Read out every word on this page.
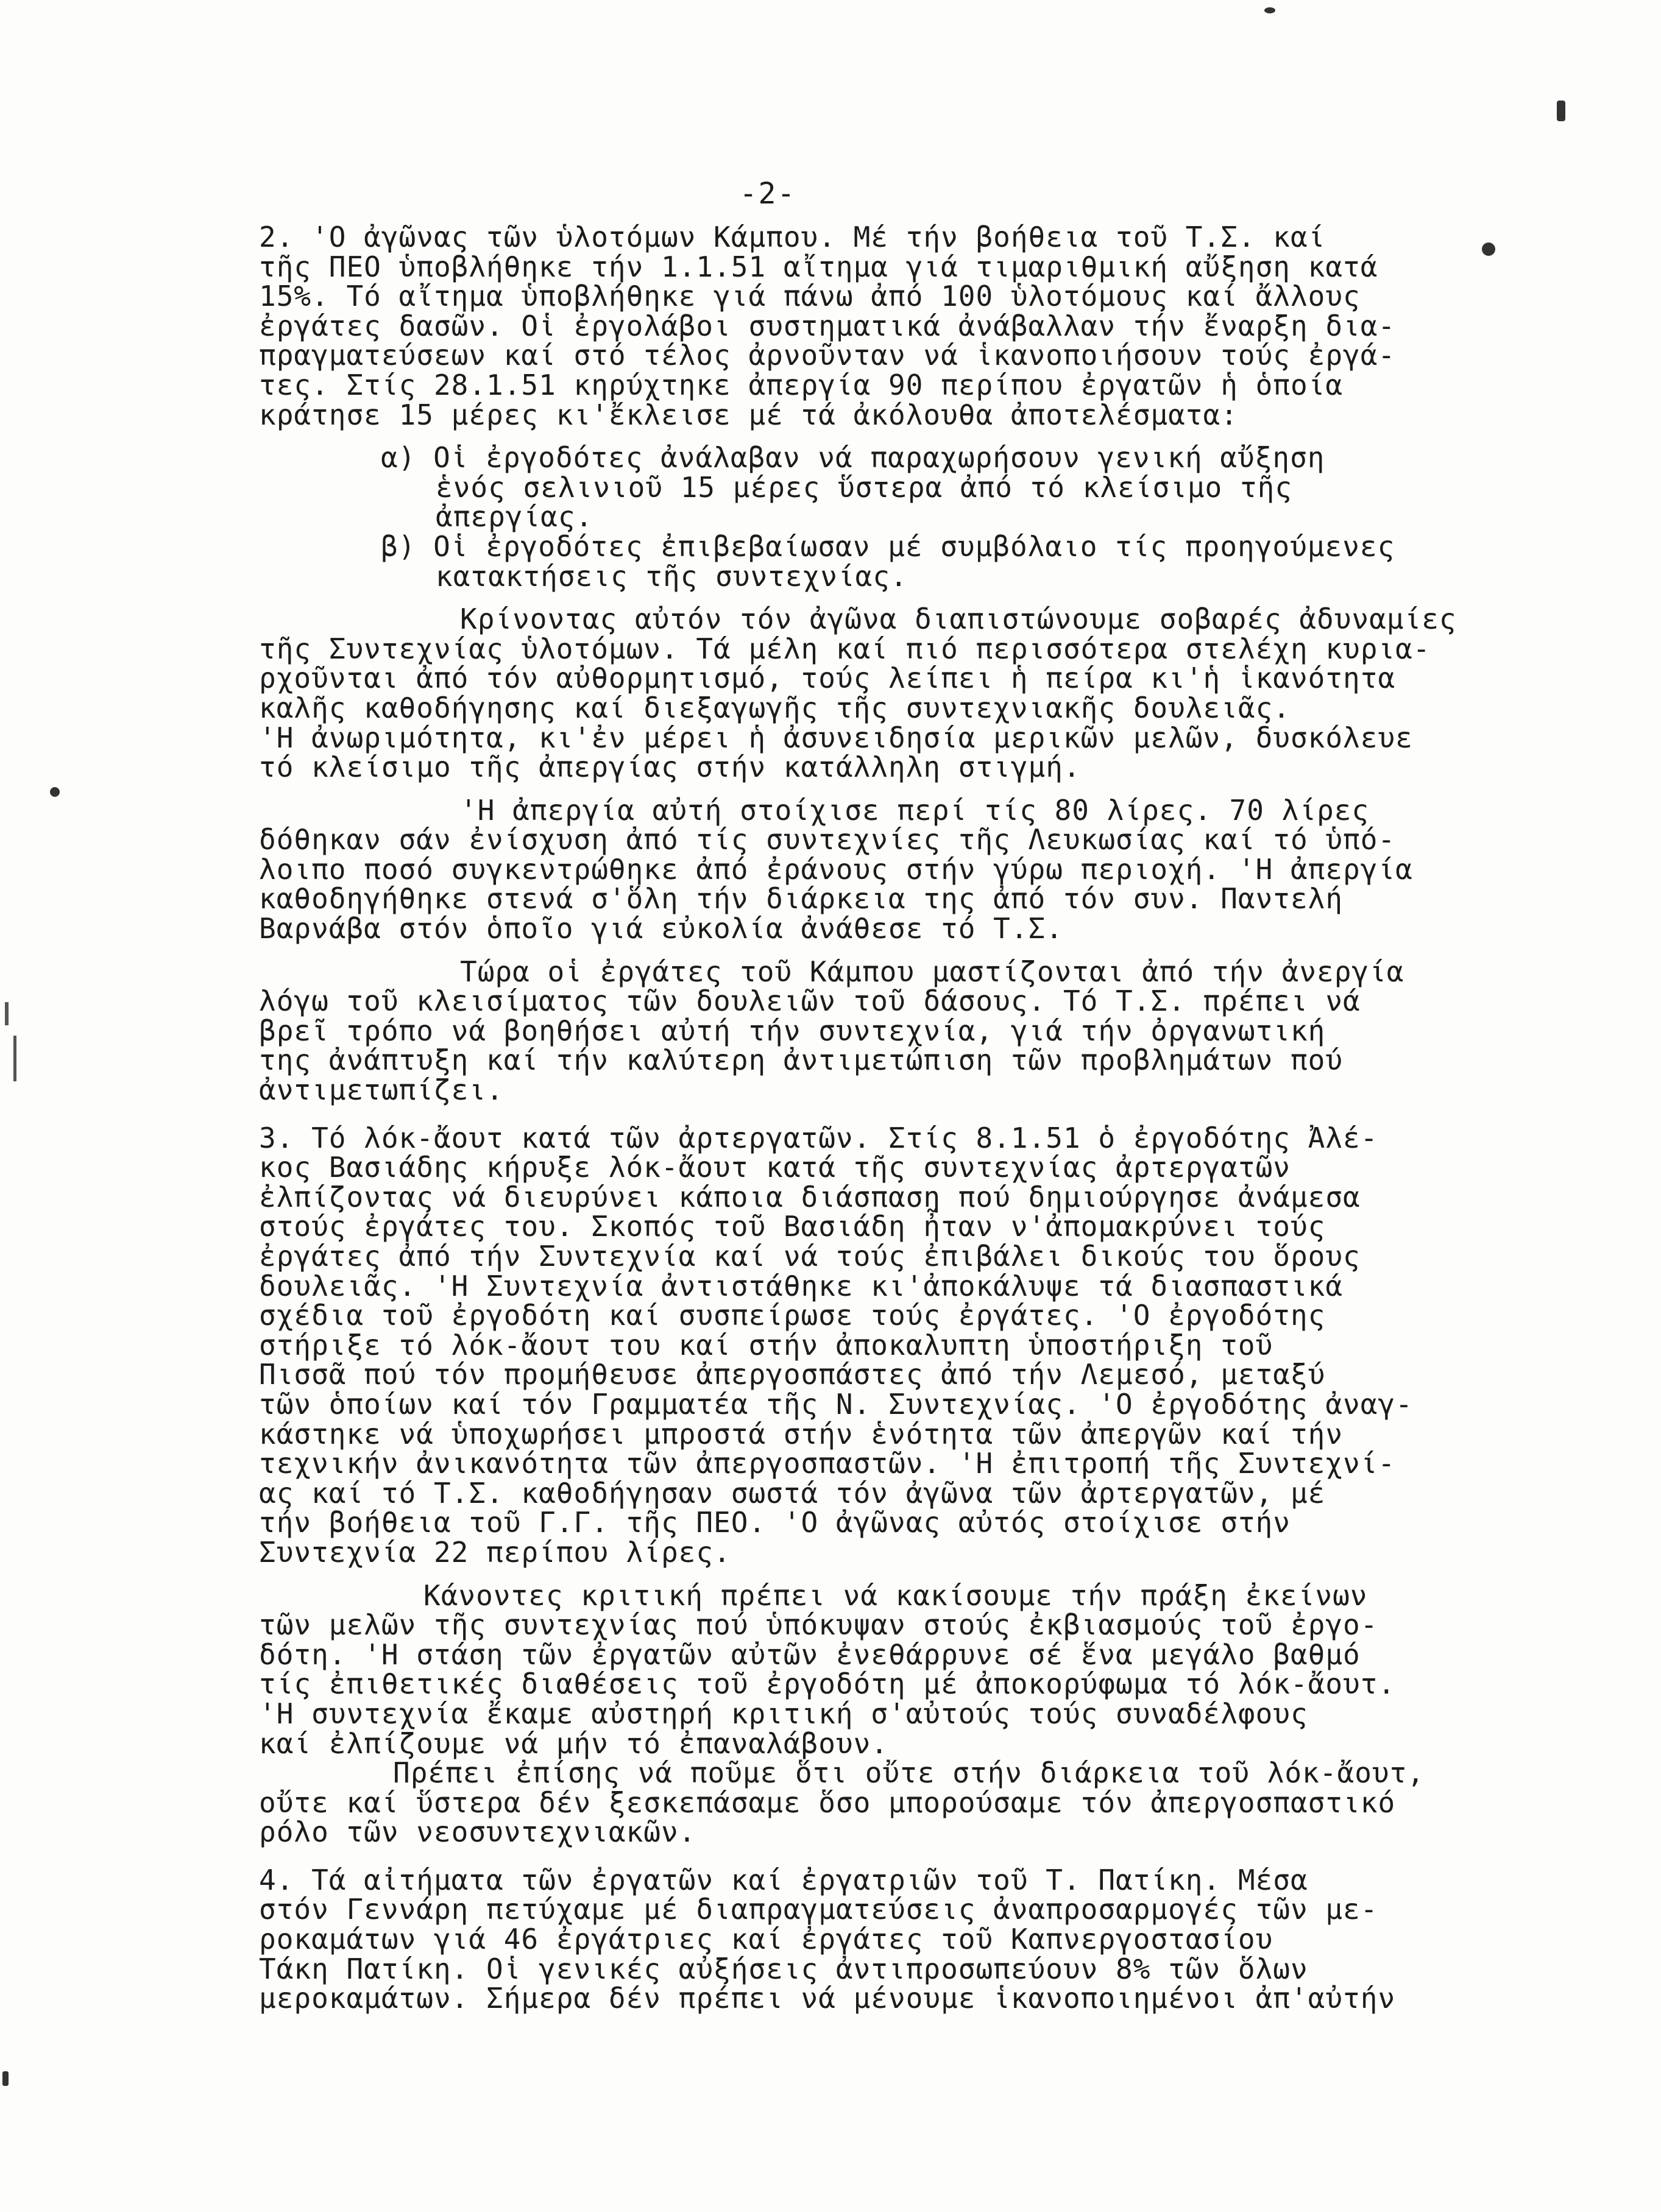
-2-
2. 'Ο ἀγῶνας τῶν ὑλοτόμων Κάμπου. Μέ τήν βοήθεια τοῦ Τ.Σ. καί
τῆς ΠΕΟ ὑποβλήθηκε τήν 1.1.51 αἴτημα γιά τιμαριθμική αὔξηση κατά
15%. Τό αἴτημα ὑποβλήθηκε γιά πάνω ἀπό 100 ὑλοτόμους καί ἄλλους
ἐργάτες δασῶν. Οἱ ἐργολάβοι συστηματικά ἀνάβαλλαν τήν ἔναρξη δια-
πραγματεύσεων καί στό τέλος ἀρνοῦνταν νά ἱκανοποιήσουν τούς ἐργά-
τες. Στίς 28.1.51 κηρύχτηκε ἀπεργία 90 περίπου ἐργατῶν ἡ ὁποία
κράτησε 15 μέρες κι'ἔκλεισε μέ τά ἀκόλουθα ἀποτελέσματα:
α) Οἱ ἐργοδότες ἀνάλαβαν νά παραχωρήσουν γενική αὔξηση
ἑνός σελινιοῦ 15 μέρες ὕστερα ἀπό τό κλείσιμο τῆς
ἀπεργίας.
β) Οἱ ἐργοδότες ἐπιβεβαίωσαν μέ συμβόλαιο τίς προηγούμενες
κατακτήσεις τῆς συντεχνίας.
Κρίνοντας αὐτόν τόν ἀγῶνα διαπιστώνουμε σοβαρές ἀδυναμίες
τῆς Συντεχνίας ὑλοτόμων. Τά μέλη καί πιό περισσότερα στελέχη κυρια-
ρχοῦνται ἀπό τόν αὐθορμητισμό, τούς λείπει ἡ πείρα κι'ἡ ἱκανότητα
καλῆς καθοδήγησης καί διεξαγωγῆς τῆς συντεχνιακῆς δουλειᾶς.
'Η ἀνωριμότητα, κι'ἐν μέρει ἡ ἀσυνειδησία μερικῶν μελῶν, δυσκόλευε
τό κλείσιμο τῆς ἀπεργίας στήν κατάλληλη στιγμή.
'Η ἀπεργία αὐτή στοίχισε περί τίς 80 λίρες. 70 λίρες
δόθηκαν σάν ἐνίσχυση ἀπό τίς συντεχνίες τῆς Λευκωσίας καί τό ὑπό-
λοιπο ποσό συγκεντρώθηκε ἀπό ἐράνους στήν γύρω περιοχή. 'Η ἀπεργία
καθοδηγήθηκε στενά σ'ὅλη τήν διάρκεια της ἀπό τόν συν. Παντελή
Βαρνάβα στόν ὁποῖο γιά εὐκολία ἀνάθεσε τό Τ.Σ.
Τώρα οἱ ἐργάτες τοῦ Κάμπου μαστίζονται ἀπό τήν ἀνεργία
λόγω τοῦ κλεισίματος τῶν δουλειῶν τοῦ δάσους. Τό Τ.Σ. πρέπει νά
βρεῖ τρόπο νά βοηθήσει αὐτή τήν συντεχνία, γιά τήν ὀργανωτική
της ἀνάπτυξη καί τήν καλύτερη ἀντιμετώπιση τῶν προβλημάτων πού
ἀντιμετωπίζει.
3. Τό λόκ-ἄουτ κατά τῶν ἀρτεργατῶν. Στίς 8.1.51 ὁ ἐργοδότης Ἀλέ-
κος Βασιάδης κήρυξε λόκ-ἄουτ κατά τῆς συντεχνίας ἀρτεργατῶν
ἐλπίζοντας νά διευρύνει κάποια διάσπαση πού δημιούργησε ἀνάμεσα
στούς ἐργάτες του. Σκοπός τοῦ Βασιάδη ἦταν ν'ἀπομακρύνει τούς
ἐργάτες ἀπό τήν Συντεχνία καί νά τούς ἐπιβάλει δικούς του ὅρους
δουλειᾶς. 'Η Συντεχνία ἀντιστάθηκε κι'ἀποκάλυψε τά διασπαστικά
σχέδια τοῦ ἐργοδότη καί συσπείρωσε τούς ἐργάτες. 'Ο ἐργοδότης
στήριξε τό λόκ-ἄουτ του καί στήν ἀποκαλυπτη ὑποστήριξη τοῦ
Πισσᾶ πού τόν προμήθευσε ἀπεργοσπάστες ἀπό τήν Λεμεσό, μεταξύ
τῶν ὁποίων καί τόν Γραμματέα τῆς Ν. Συντεχνίας. 'Ο ἐργοδότης ἀναγ-
κάστηκε νά ὑποχωρήσει μπροστά στήν ἑνότητα τῶν ἀπεργῶν καί τήν
τεχνικήν ἀνικανότητα τῶν ἀπεργοσπαστῶν. 'Η ἐπιτροπή τῆς Συντεχνί-
ας καί τό Τ.Σ. καθοδήγησαν σωστά τόν ἀγῶνα τῶν ἀρτεργατῶν, μέ
τήν βοήθεια τοῦ Γ.Γ. τῆς ΠΕΟ. 'Ο ἀγῶνας αὐτός στοίχισε στήν
Συντεχνία 22 περίπου λίρες.
Κάνοντες κριτική πρέπει νά κακίσουμε τήν πράξη ἐκείνων
τῶν μελῶν τῆς συντεχνίας πού ὑπόκυψαν στούς ἐκβιασμούς τοῦ ἐργο-
δότη. 'Η στάση τῶν ἐργατῶν αὐτῶν ἐνεθάρρυνε σέ ἕνα μεγάλο βαθμό
τίς ἐπιθετικές διαθέσεις τοῦ ἐργοδότη μέ ἀποκορύφωμα τό λόκ-ἄουτ.
'Η συντεχνία ἔκαμε αὐστηρή κριτική σ'αὐτούς τούς συναδέλφους
καί ἐλπίζουμε νά μήν τό ἐπαναλάβουν.
Πρέπει ἐπίσης νά ποῦμε ὅτι οὔτε στήν διάρκεια τοῦ λόκ-ἄουτ,
οὔτε καί ὕστερα δέν ξεσκεπάσαμε ὅσο μπορούσαμε τόν ἀπεργοσπαστικό
ρόλο τῶν νεοσυντεχνιακῶν.
4. Τά αἰτήματα τῶν ἐργατῶν καί ἐργατριῶν τοῦ Τ. Πατίκη. Μέσα
στόν Γεννάρη πετύχαμε μέ διαπραγματεύσεις ἀναπροσαρμογές τῶν με-
ροκαμάτων γιά 46 ἐργάτριες καί ἐργάτες τοῦ Καπνεργοστασίου
Τάκη Πατίκη. Οἱ γενικές αὐξήσεις ἀντιπροσωπεύουν 8% τῶν ὅλων
μεροκαμάτων. Σήμερα δέν πρέπει νά μένουμε ἱκανοποιημένοι ἀπ'αὐτήν
